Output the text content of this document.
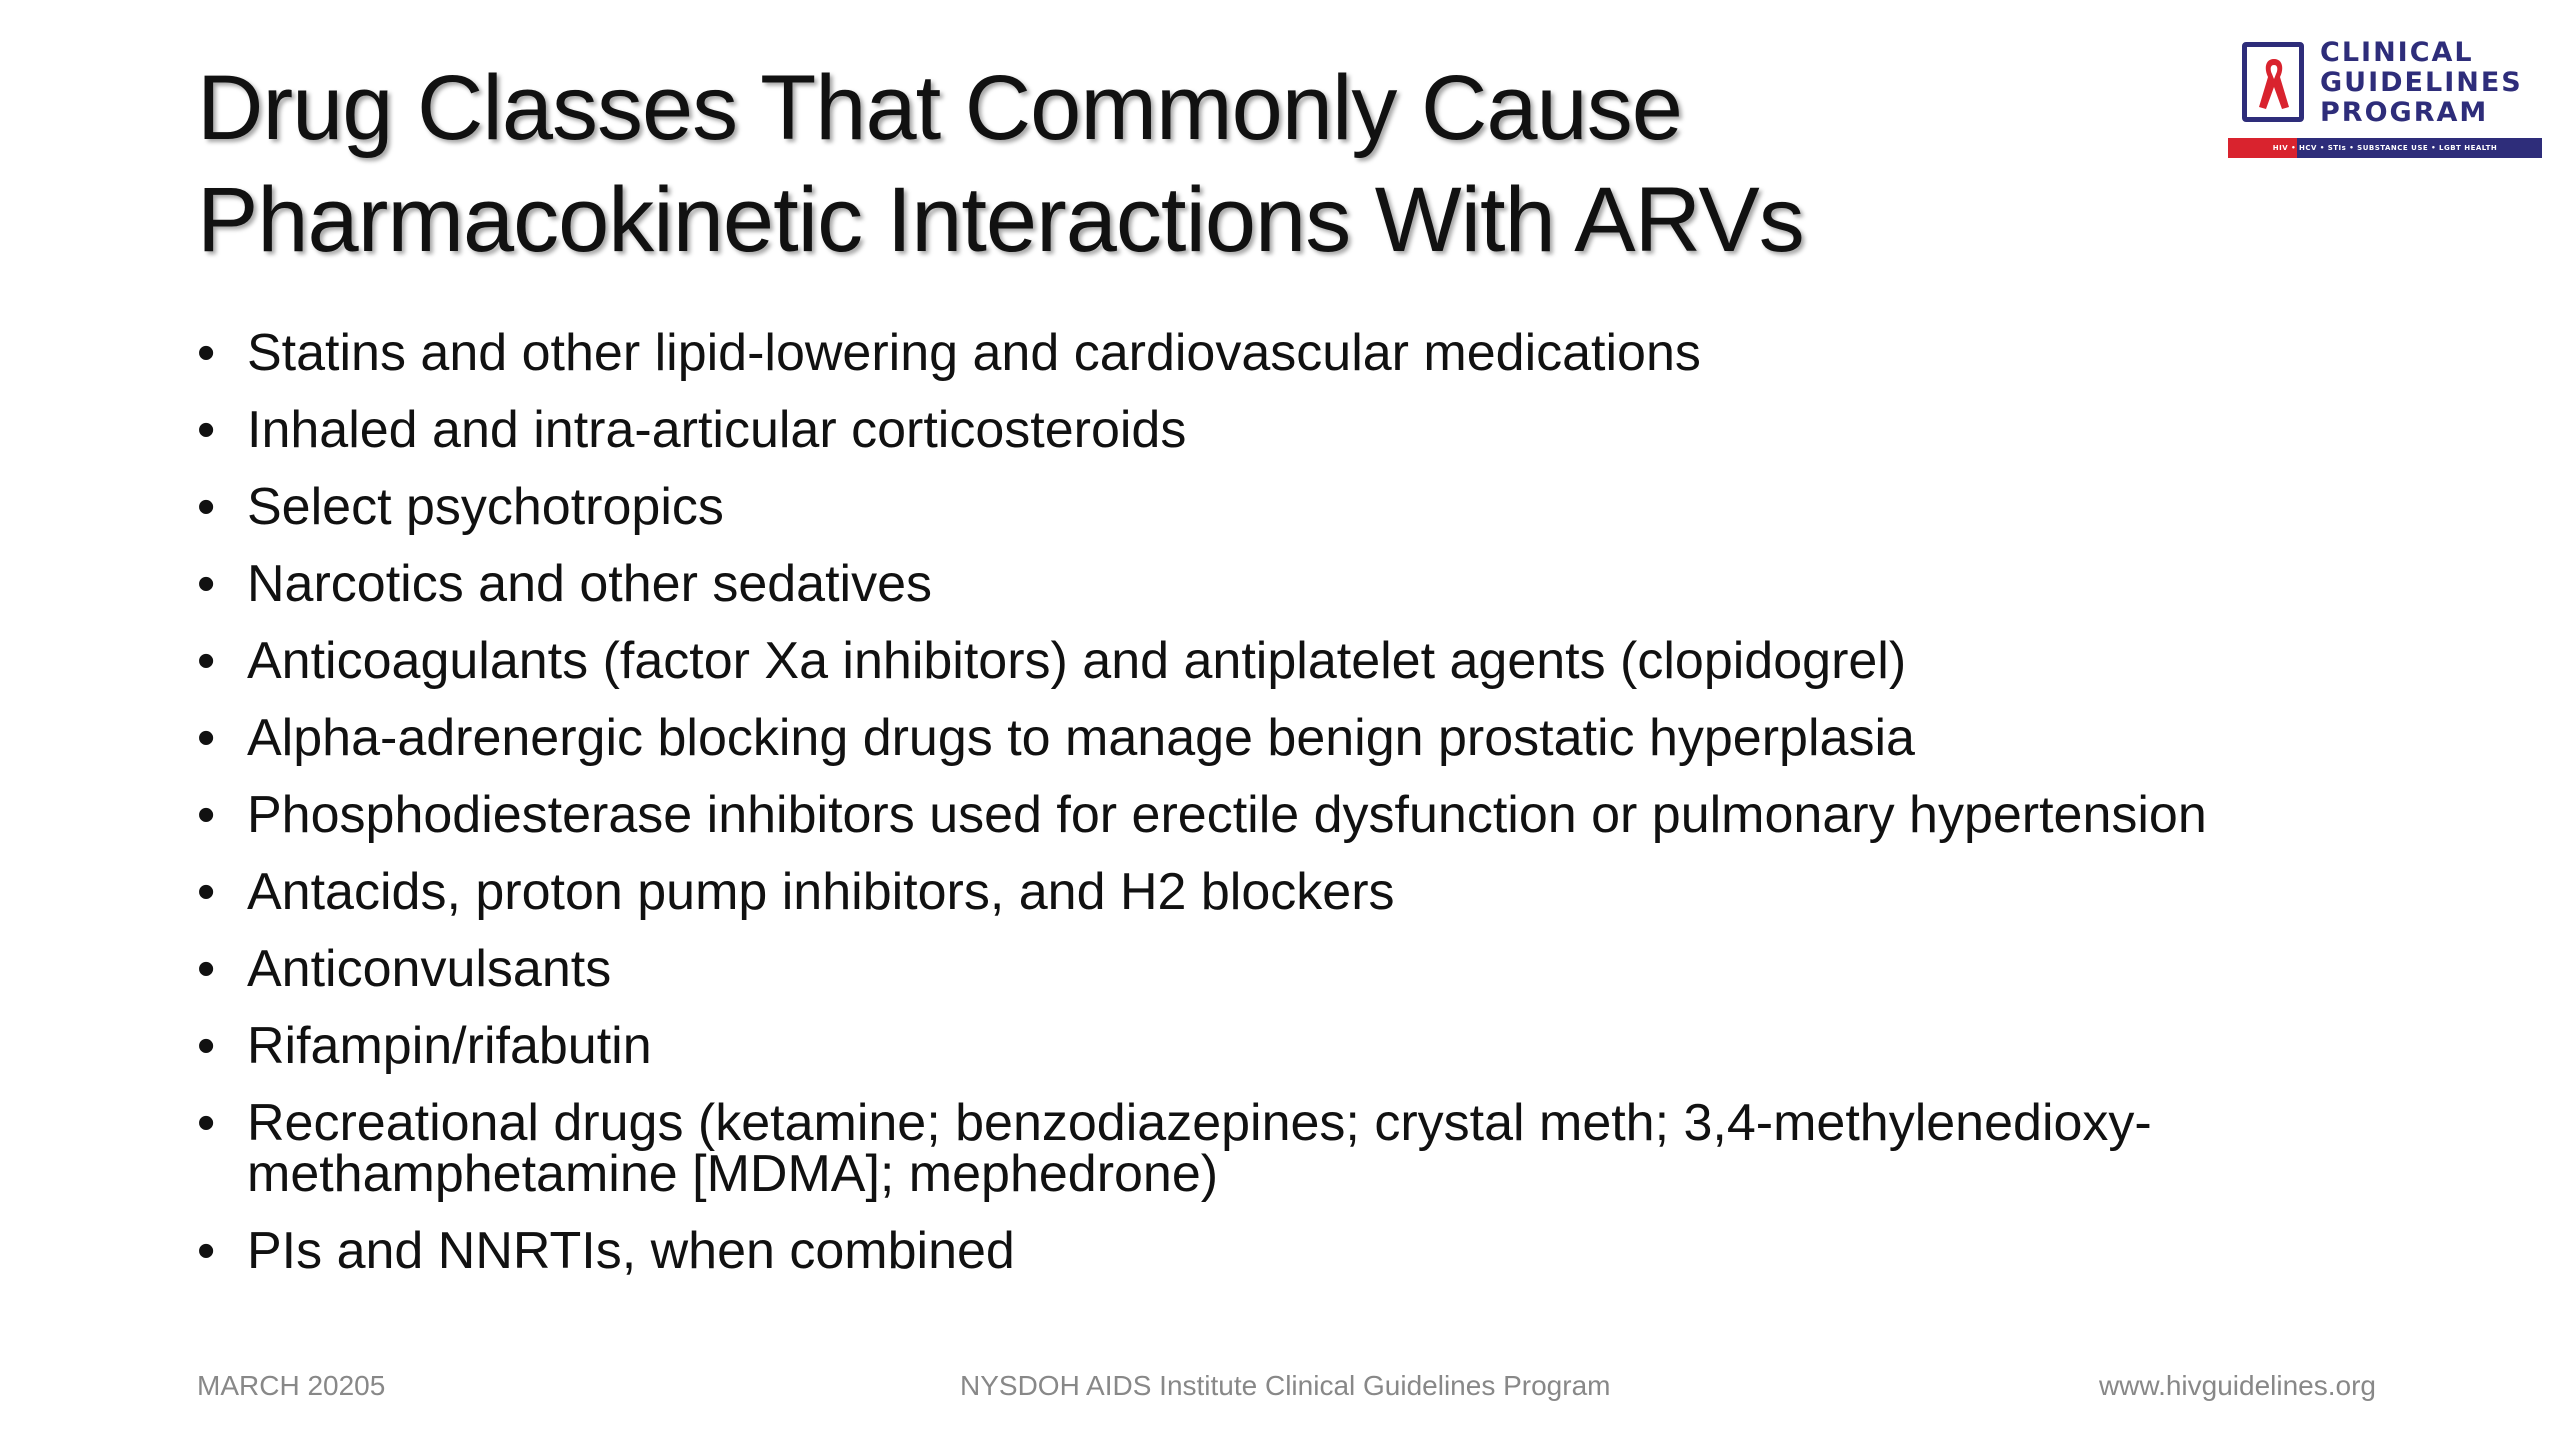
Drug Classes That Commonly Cause
Pharmacokinetic Interactions With ARVs
CLINICAL
GUIDELINES
PROGRAM
HIV • HCV • STIs • SUBSTANCE USE • LGBT HEALTH
• Statins and other lipid-lowering and cardiovascular medications
• Inhaled and intra-articular corticosteroids
• Select psychotropics
• Narcotics and other sedatives
• Anticoagulants (factor Xa inhibitors) and antiplatelet agents (clopidogrel)
• Alpha-adrenergic blocking drugs to manage benign prostatic hyperplasia
• Phosphodiesterase inhibitors used for erectile dysfunction or pulmonary hypertension
• Antacids, proton pump inhibitors, and H2 blockers
• Anticonvulsants
• Rifampin/rifabutin
• Recreational drugs (ketamine; benzodiazepines; crystal meth; 3,4-methylenedioxy-
methamphetamine [MDMA]; mephedrone)
• PIs and NNRTIs, when combined
MARCH 20205	NYSDOH AIDS Institute Clinical Guidelines Program	www.hivguidelines.org
